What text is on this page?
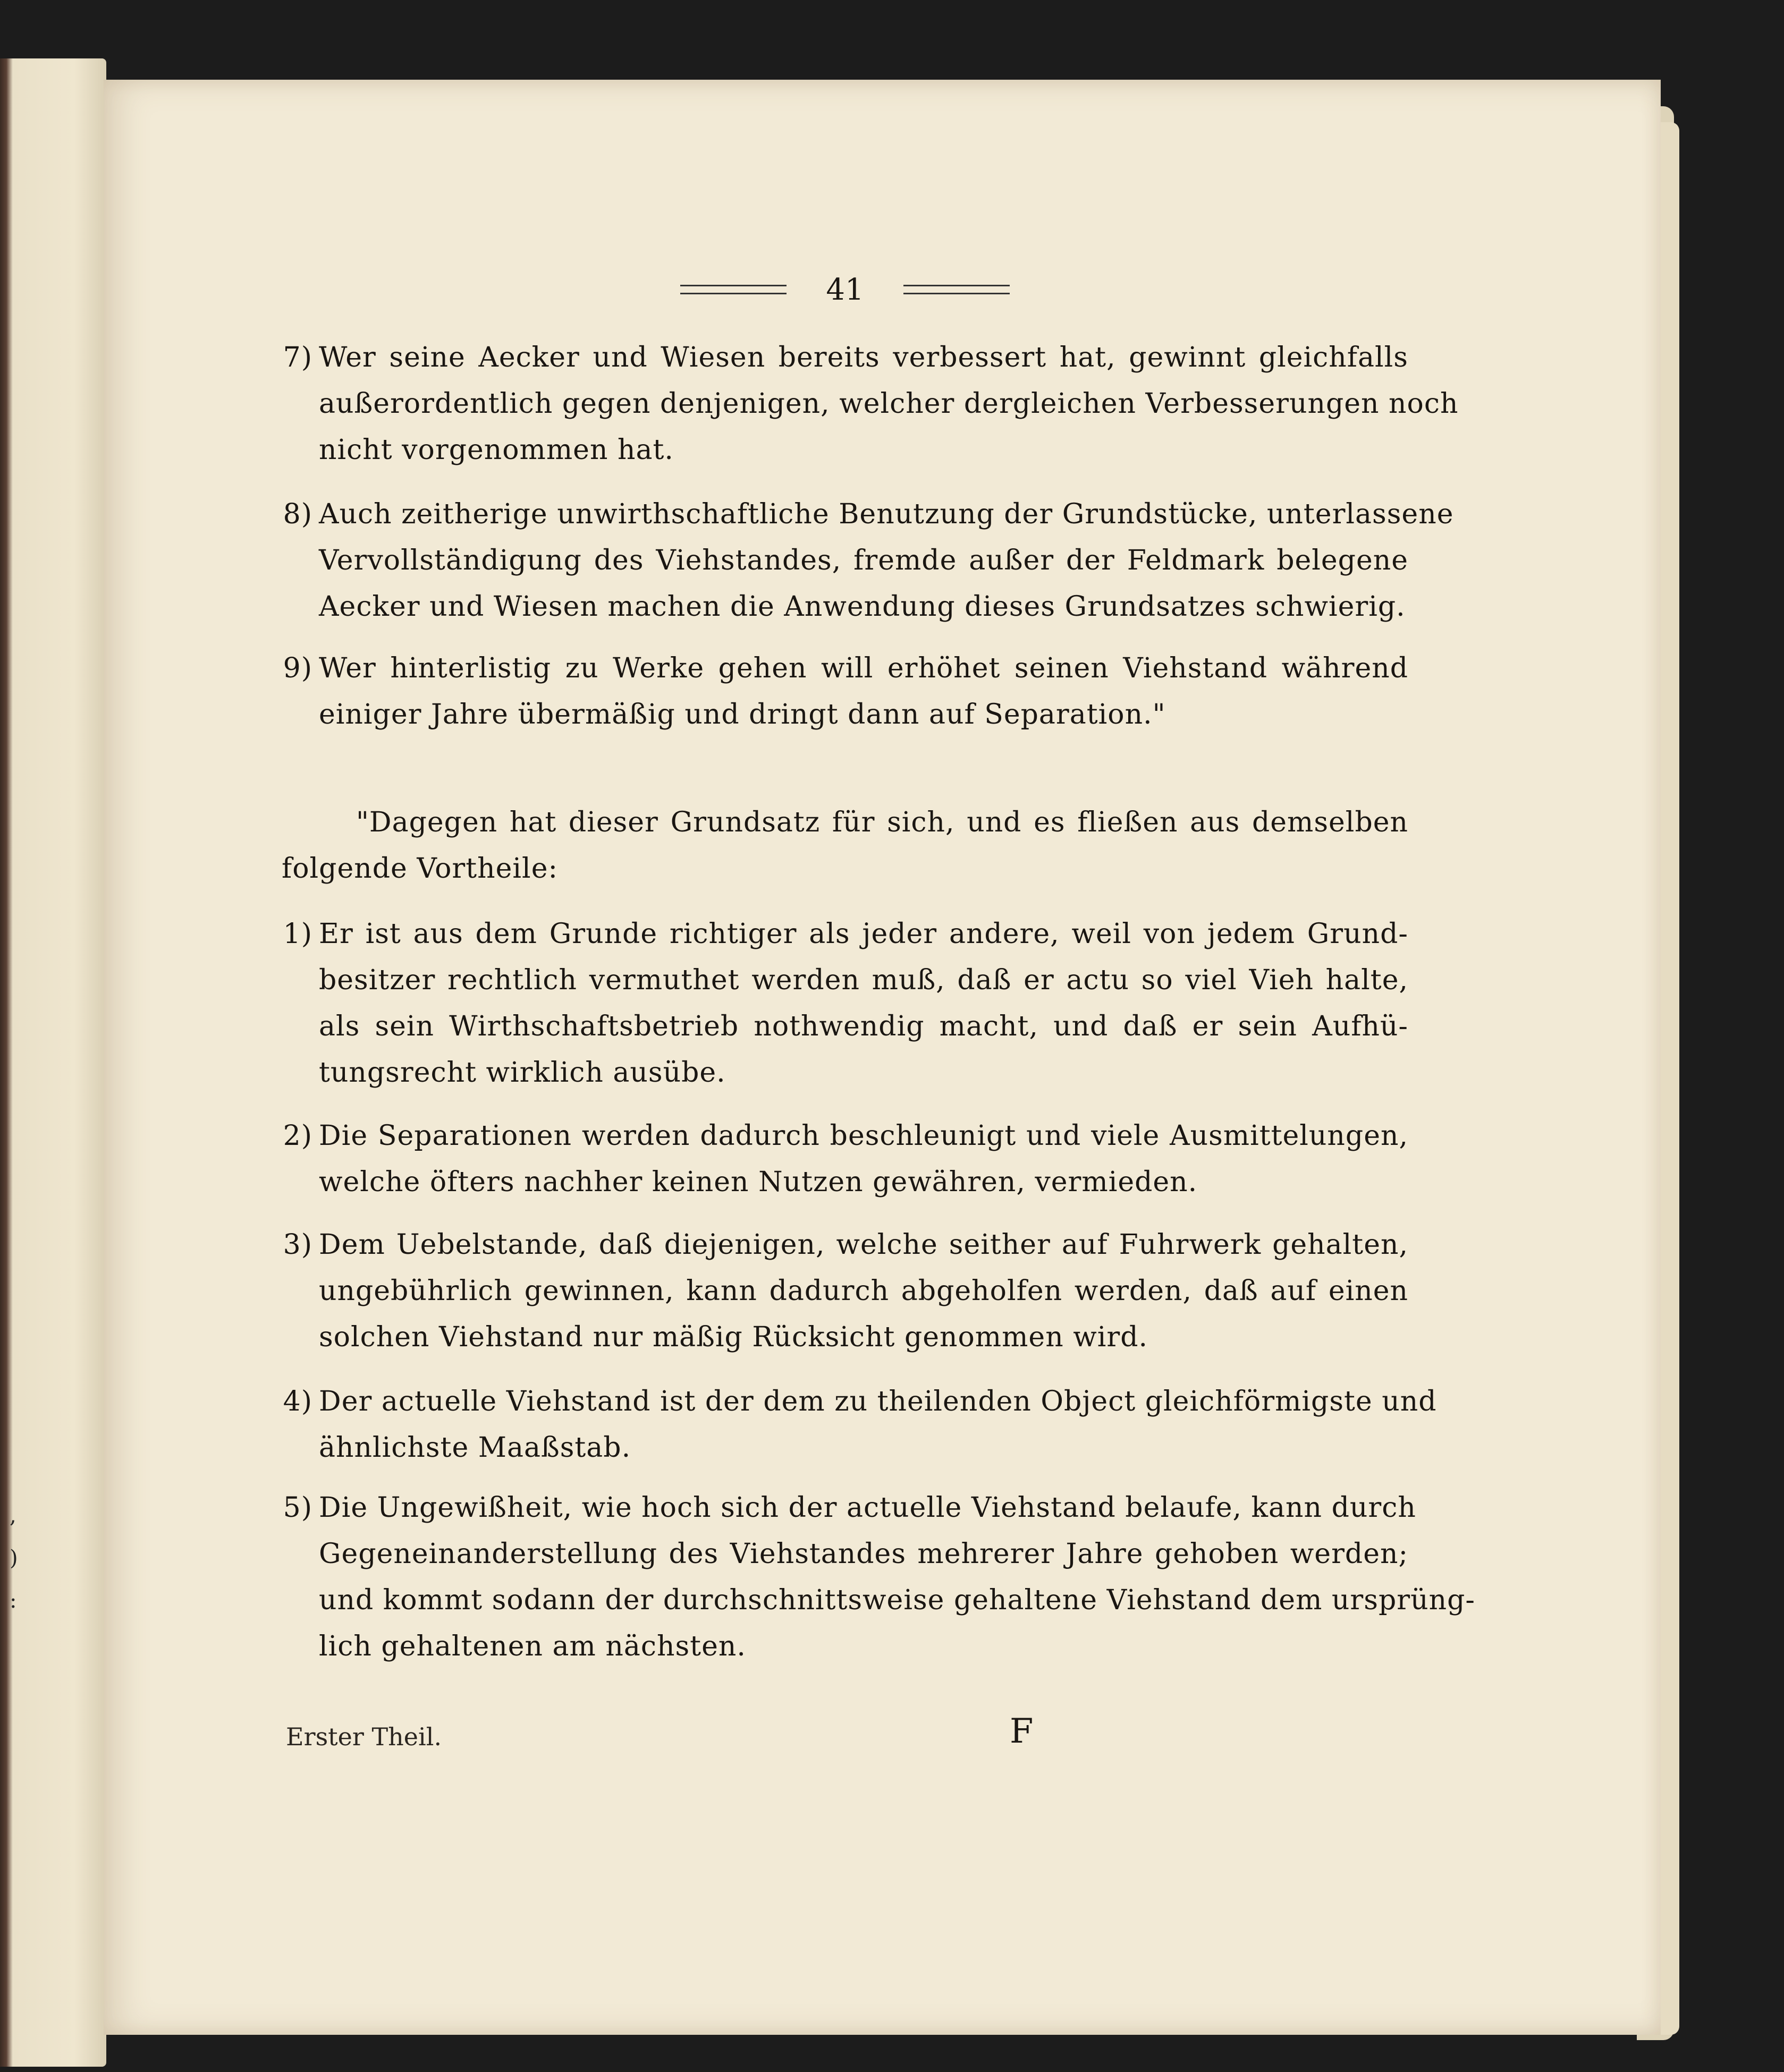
,
)
:
41
7) Wer seine Aecker und Wiesen bereits verbessert hat, gewinnt gleichfalls
außerordentlich gegen denjenigen, welcher dergleichen Verbesserungen noch
nicht vorgenommen hat.
8) Auch zeitherige unwirthschaftliche Benutzung der Grundstücke, unterlassene
Vervollständigung des Viehstandes, fremde außer der Feldmark belegene
Aecker und Wiesen machen die Anwendung dieses Grundsatzes schwierig.
9) Wer hinterlistig zu Werke gehen will erhöhet seinen Viehstand während
einiger Jahre übermäßig und dringt dann auf Separation."
"Dagegen hat dieser Grundsatz für sich, und es fließen aus demselben
folgende Vortheile:
1) Er ist aus dem Grunde richtiger als jeder andere, weil von jedem Grund-
besitzer rechtlich vermuthet werden muß, daß er actu so viel Vieh halte,
als sein Wirthschaftsbetrieb nothwendig macht, und daß er sein Aufhü-
tungsrecht wirklich ausübe.
2) Die Separationen werden dadurch beschleunigt und viele Ausmittelungen,
welche öfters nachher keinen Nutzen gewähren, vermieden.
3) Dem Uebelstande, daß diejenigen, welche seither auf Fuhrwerk gehalten,
ungebührlich gewinnen, kann dadurch abgeholfen werden, daß auf einen
solchen Viehstand nur mäßig Rücksicht genommen wird.
4) Der actuelle Viehstand ist der dem zu theilenden Object gleichförmigste und
ähnlichste Maaßstab.
5) Die Ungewißheit, wie hoch sich der actuelle Viehstand belaufe, kann durch
Gegeneinanderstellung des Viehstandes mehrerer Jahre gehoben werden;
und kommt sodann der durchschnittsweise gehaltene Viehstand dem ursprüng-
lich gehaltenen am nächsten.
Erster Theil.	F
